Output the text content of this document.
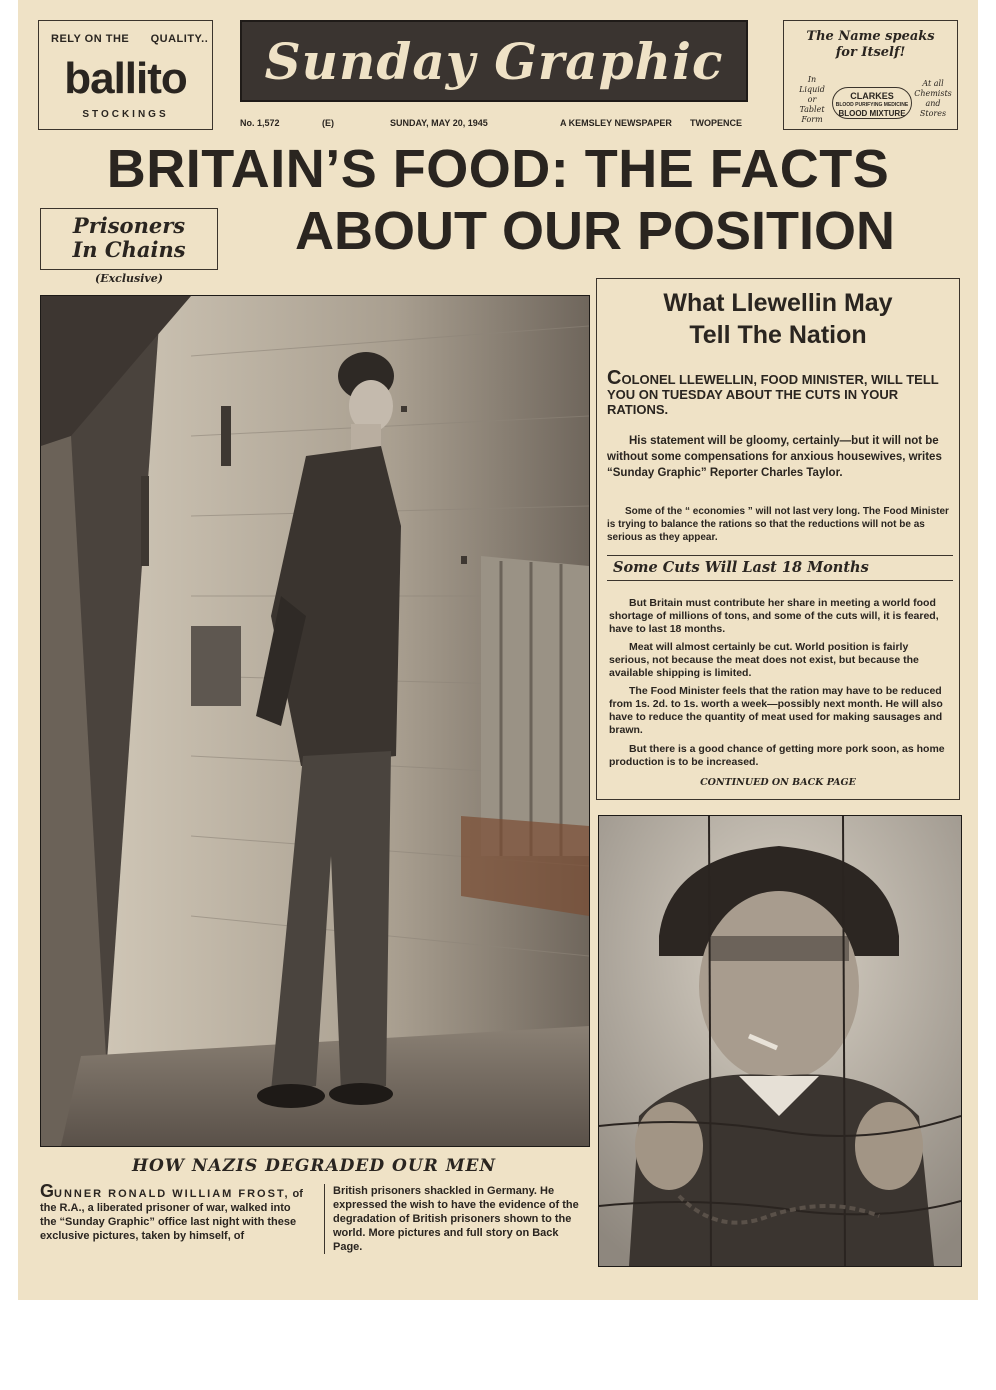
RELY ON THE QUALITY..
ballito
STOCKINGS
Sunday Graphic
No. 1,572	(E)	SUNDAY, MAY 20, 1945	A KEMSLEY NEWSPAPER TWOPENCE
The Name speaks
for Itself!
In
Liquid
or
Tablet
Form
At all
Chemists
and
Stores
CLARKES
BLOOD PURIFYING MEDICINE
BLOOD MIXTURE
BRITAIN’S FOOD: THE FACTS
ABOUT OUR POSITION
Prisoners
In Chains
(Exclusive)
What Llewellin May
Tell The Nation
COLONEL LLEWELLIN, FOOD MINISTER, WILL TELL YOU ON TUESDAY ABOUT THE CUTS IN YOUR RATIONS.
His statement will be gloomy, certainly—but it will not be without some compensations for anxious housewives, writes “Sunday Graphic” Reporter Charles Taylor.
Some of the “ economies ” will not last very long. The Food Minister is trying to balance the rations so that the reductions will not be as serious as they appear.
Some Cuts Will Last 18 Months
But Britain must contribute her share in meeting a world food shortage of millions of tons, and some of the cuts will, it is feared, have to last 18 months.
Meat will almost certainly be cut. World position is fairly serious, not because the meat does not exist, but because the available shipping is limited.
The Food Minister feels that the ration may have to be reduced from 1s. 2d. to 1s. worth a week—possibly next month. He will also have to reduce the quantity of meat used for making sausages and brawn.
But there is a good chance of getting more pork soon, as home production is to be increased.
CONTINUED ON BACK PAGE
HOW NAZIS DEGRADED OUR MEN
GUNNER RONALD WILLIAM FROST, of the R.A., a liberated prisoner of war, walked into the “Sunday Graphic” office last night with these exclusive pictures, taken by himself, of
British prisoners shackled in Germany. He expressed the wish to have the evidence of the degradation of British prisoners shown to the world. More pictures and full story on Back Page.
